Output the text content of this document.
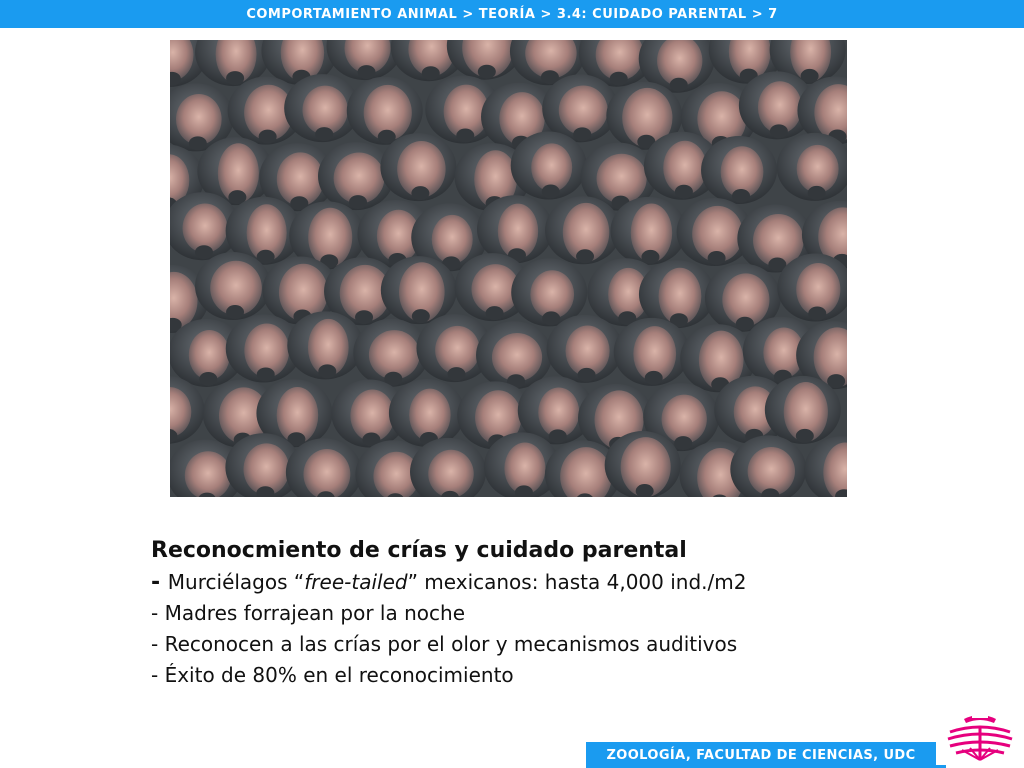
COMPORTAMIENTO ANIMAL > TEORÍA > 3.4: CUIDADO PARENTAL > 7
Reconocmiento de crías y cuidado parental
- Murciélagos “free-tailed” mexicanos: hasta 4,000 ind./m2
- Madres forrajean por la noche
- Reconocen a las crías por el olor y mecanismos auditivos
- Éxito de 80% en el reconocimiento
ZOOLOGÍA, FACULTAD DE CIENCIAS, UDC
